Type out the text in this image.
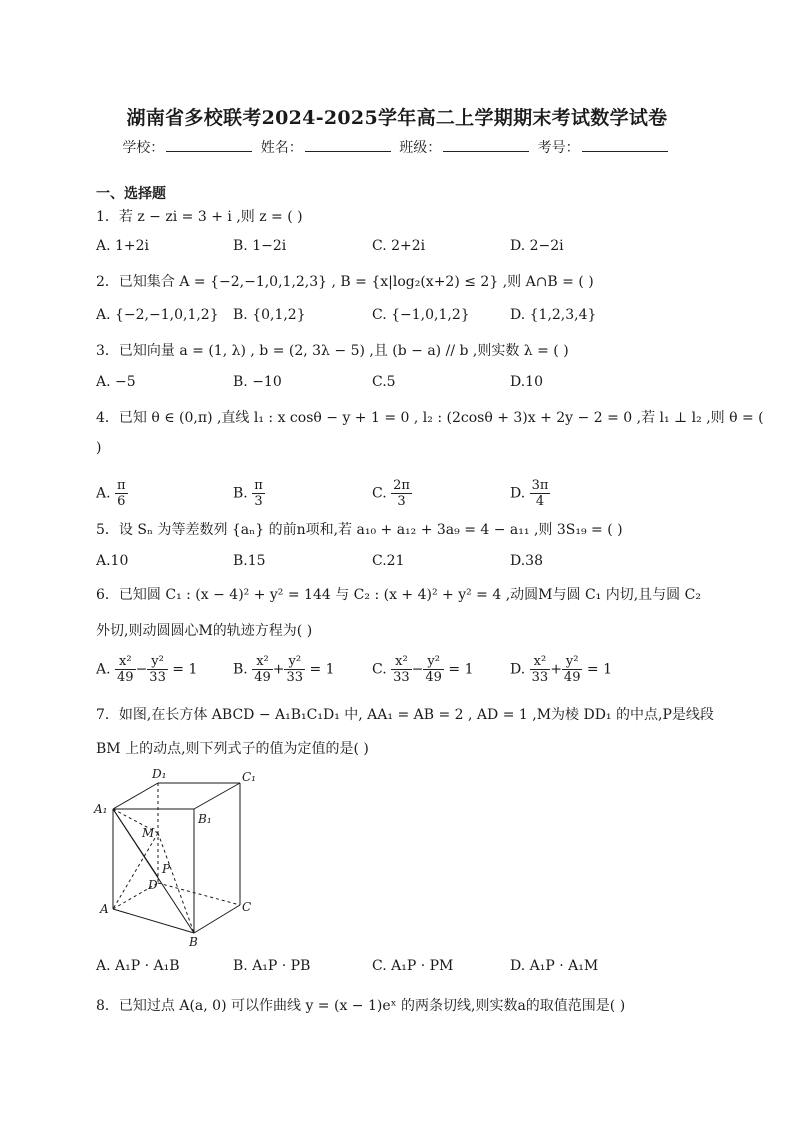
湖南省多校联考2024-2025学年高二上学期期末考试数学试卷
学校：	姓名：	班级：	考号：
一、选择题
1．若 z − zi = 3 + i ,则 z = ( )
A. 1+2i	B. 1−2i	C. 2+2i	D. 2−2i
2．已知集合 A = {−2,−1,0,1,2,3} , B = {x|log₂(x+2) ≤ 2} ,则 A∩B = ( )
A. {−2,−1,0,1,2} B. {0,1,2}	C. {−1,0,1,2}	D. {1,2,3,4}
3．已知向量 a = (1, λ) , b = (2, 3λ − 5) ,且 (b − a) // b ,则实数 λ = ( )
A. −5	B. −10	C.5	D.10
4．已知 θ ∈ (0,π) ,直线 l₁ : x cosθ − y + 1 = 0 , l₂ : (2cosθ + 3)x + 2y − 2 = 0 ,若 l₁ ⊥ l₂ ,则 θ = (
)
A. $\frac{\pi}{6}$	B. $\frac{\pi}{3}$	C. $\frac{2\pi}{3}$	D. $\frac{3\pi}{4}$
5．设 Sₙ 为等差数列 {aₙ} 的前n项和,若 a₁₀ + a₁₂ + 3a₉ = 4 − a₁₁ ,则 3S₁₉ = ( )
A.10	B.15	C.21	D.38
6．已知圆 C₁ : (x − 4)² + y² = 144 与 C₂ : (x + 4)² + y² = 4 ,动圆M与圆 C₁ 内切,且与圆 C₂
外切,则动圆圆心M的轨迹方程为( )
A. $\frac{\text{x²}}{49} - \frac{\text{y²}}{33} = 1$	B. $\frac{\text{x²}}{49} + \frac{\text{y²}}{33} = 1$	C. $\frac{\text{x²}}{33} - \frac{\text{y²}}{49} = 1$	D. $\frac{\text{x²}}{33} + \frac{\text{y²}}{49} = 1$
7．如图,在长方体 ABCD − A₁B₁C₁D₁ 中, AA₁ = AB = 2 , AD = 1 ,M为棱 DD₁ 的中点,P是线段
BM 上的动点,则下列式子的值为定值的是( )
D₁	C₁
A₁
B₁
M
P
D
A	C
B
A. A₁P · A₁B	B. A₁P · PB	C. A₁P · PM	D. A₁P · A₁M
8．已知过点 A(a, 0) 可以作曲线 y = (x − 1)eˣ 的两条切线,则实数a的取值范围是( )
